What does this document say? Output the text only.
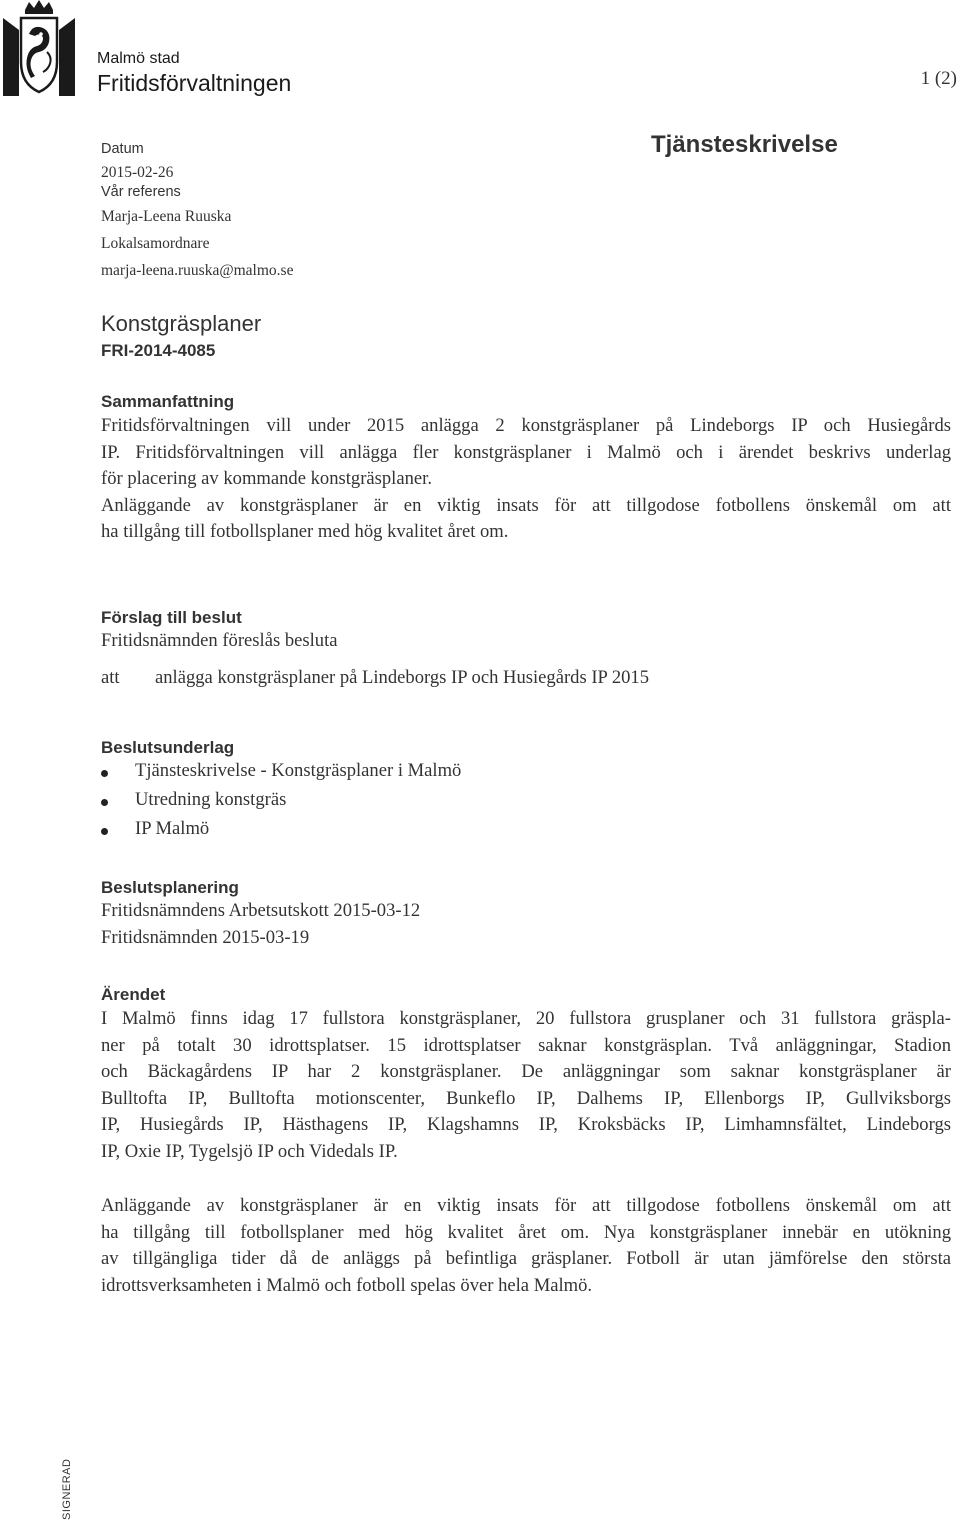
Malmö stad
Fritidsförvaltningen	1 (2)
Tjänsteskrivelse
Datum
2015-02-26
Vår referens
Marja-Leena Ruuska
Lokalsamordnare
marja-leena.ruuska@malmo.se
Konstgräsplaner
FRI-2014-4085
Sammanfattning
Fritidsförvaltningen vill under 2015 anlägga 2 konstgräsplaner på Lindeborgs IP och Husiegårds
IP. Fritidsförvaltningen vill anlägga fler konstgräsplaner i Malmö och i ärendet beskrivs underlag
för placering av kommande konstgräsplaner.
Anläggande av konstgräsplaner är en viktig insats för att tillgodose fotbollens önskemål om att
ha tillgång till fotbollsplaner med hög kvalitet året om.
Förslag till beslut
Fritidsnämnden föreslås besluta
att anlägga konstgräsplaner på Lindeborgs IP och Husiegårds IP 2015
Beslutsunderlag
Tjänsteskrivelse - Konstgräsplaner i Malmö
Utredning konstgräs
IP Malmö
Beslutsplanering
Fritidsnämndens Arbetsutskott 2015-03-12
Fritidsnämnden 2015-03-19
Ärendet
I Malmö finns idag 17 fullstora konstgräsplaner, 20 fullstora grusplaner och 31 fullstora gräspla-
ner på totalt 30 idrottsplatser. 15 idrottsplatser saknar konstgräsplan. Två anläggningar, Stadion
och Bäckagårdens IP har 2 konstgräsplaner. De anläggningar som saknar konstgräsplaner är
Bulltofta IP, Bulltofta motionscenter, Bunkeflo IP, Dalhems IP, Ellenborgs IP, Gullviksborgs
IP, Husiegårds IP, Hästhagens IP, Klagshamns IP, Kroksbäcks IP, Limhamnsfältet, Lindeborgs
IP, Oxie IP, Tygelsjö IP och Videdals IP.
Anläggande av konstgräsplaner är en viktig insats för att tillgodose fotbollens önskemål om att
ha tillgång till fotbollsplaner med hög kvalitet året om. Nya konstgräsplaner innebär en utökning
av tillgängliga tider då de anläggs på befintliga gräsplaner. Fotboll är utan jämförelse den största
idrottsverksamheten i Malmö och fotboll spelas över hela Malmö.
SIGNERAD
